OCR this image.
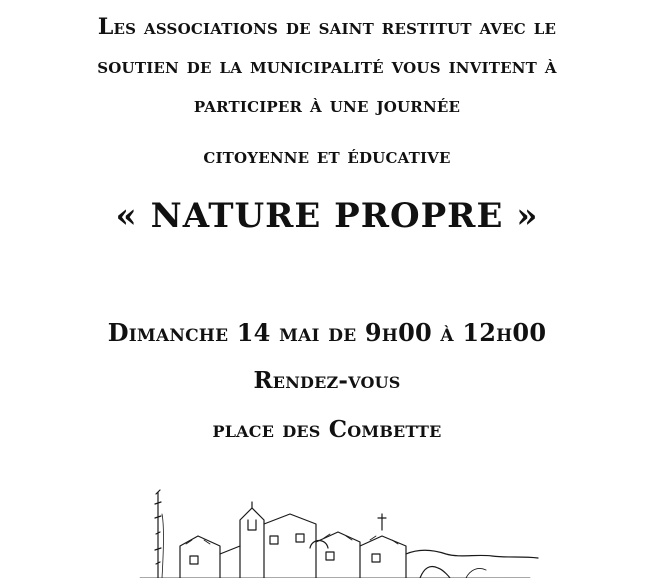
Les associations de saint restitut avec le
soutien de la municipalité vous invitent à
participer à une journée
citoyenne et éducative
« NATURE PROPRE »
Dimanche 14 mai de 9h00 à 12h00
Rendez-vous
place des Combette
